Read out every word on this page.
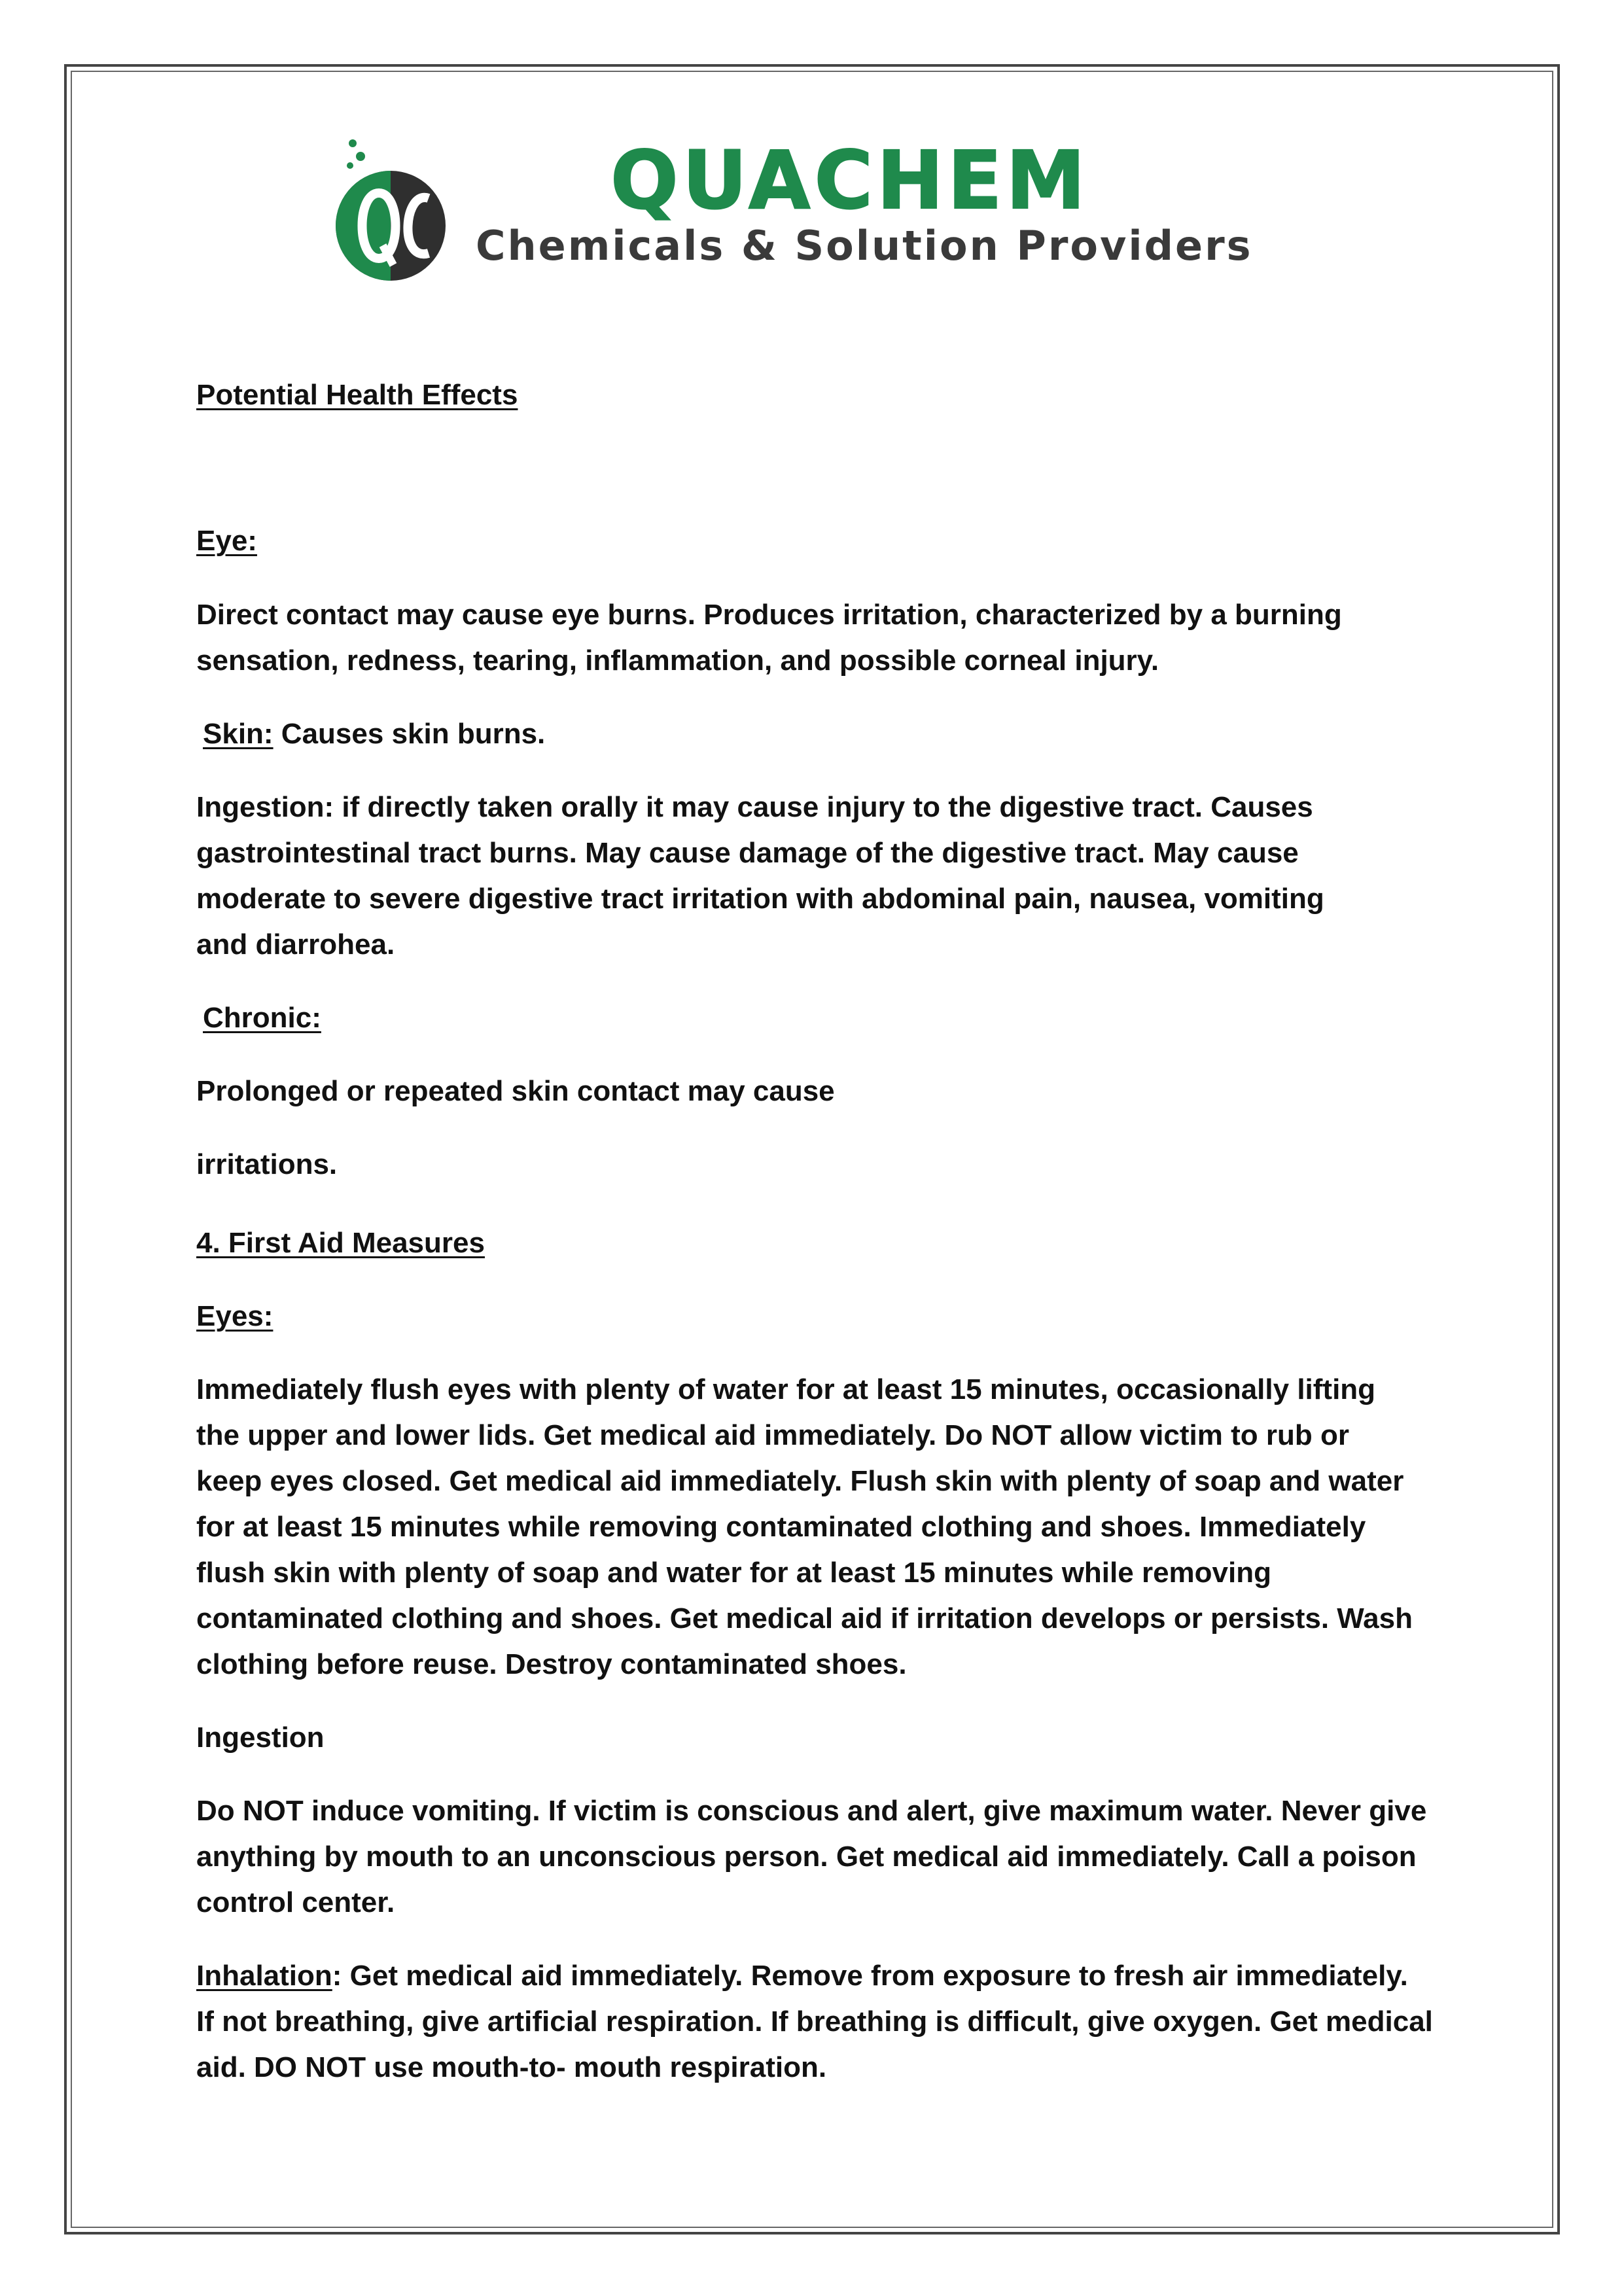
QUACHEM
Chemicals & Solution Providers
Potential Health Effects
Eye:
Direct contact may cause eye burns. Produces irritation, characterized by a burning
sensation, redness, tearing, inflammation, and possible corneal injury.
Skin: Causes skin burns.
Ingestion: if directly taken orally it may cause injury to the digestive tract. Causes
gastrointestinal tract burns. May cause damage of the digestive tract. May cause
moderate to severe digestive tract irritation with abdominal pain, nausea, vomiting
and diarrohea.
Chronic:
Prolonged or repeated skin contact may cause
irritations.
4. First Aid Measures
Eyes:
Immediately flush eyes with plenty of water for at least 15 minutes, occasionally lifting
the upper and lower lids. Get medical aid immediately. Do NOT allow victim to rub or
keep eyes closed. Get medical aid immediately. Flush skin with plenty of soap and water
for at least 15 minutes while removing contaminated clothing and shoes. Immediately
flush skin with plenty of soap and water for at least 15 minutes while removing
contaminated clothing and shoes. Get medical aid if irritation develops or persists. Wash
clothing before reuse. Destroy contaminated shoes.
Ingestion
Do NOT induce vomiting. If victim is conscious and alert, give maximum water. Never give
anything by mouth to an unconscious person. Get medical aid immediately. Call a poison
control center.
Inhalation: Get medical aid immediately. Remove from exposure to fresh air immediately.
If not breathing, give artificial respiration. If breathing is difficult, give oxygen. Get medical
aid. DO NOT use mouth-to- mouth respiration.
